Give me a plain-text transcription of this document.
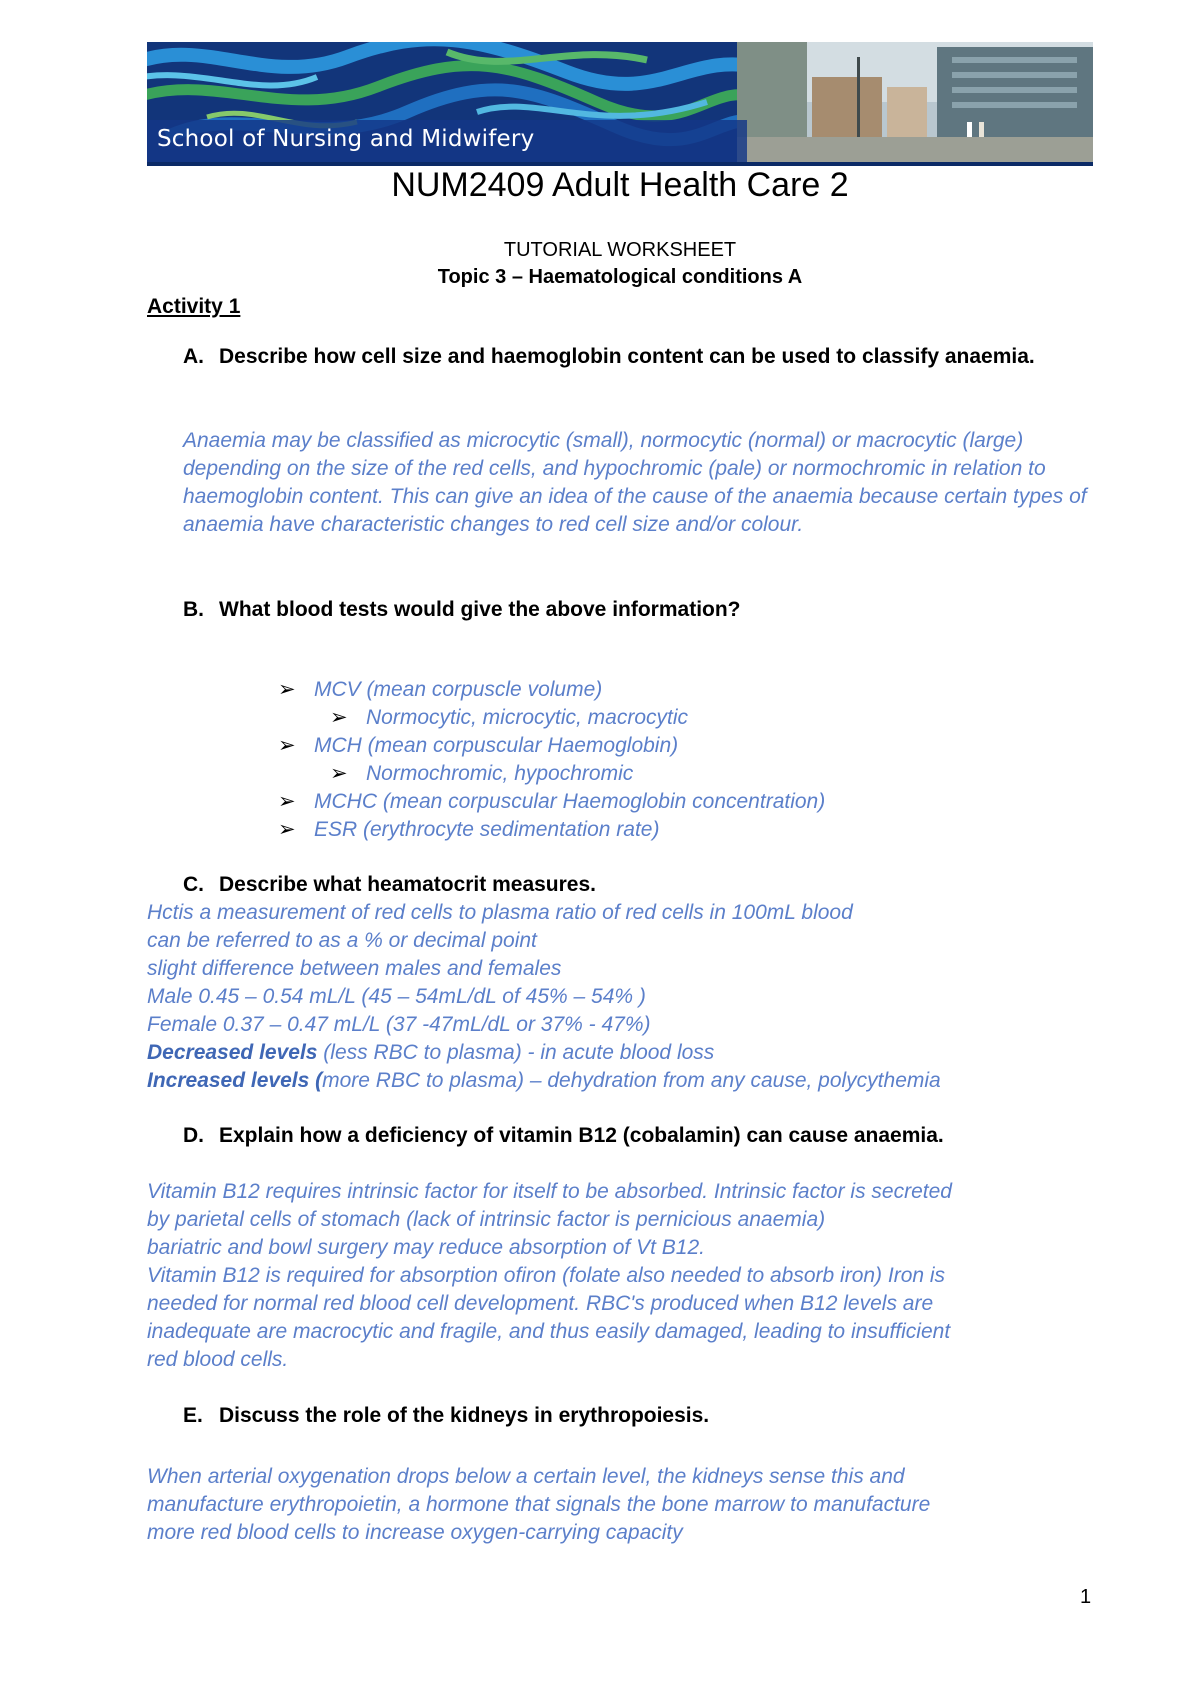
School of Nursing and Midwifery
NUM2409 Adult Health Care 2
TUTORIAL WORKSHEET
Topic 3 – Haematological conditions A
Activity 1
A. Describe how cell size and haemoglobin content can be used to classify anaemia.
Anaemia may be classified as microcytic (small), normocytic (normal) or macrocytic (large) depending on the size of the red cells, and hypochromic (pale) or normochromic in relation to haemoglobin content. This can give an idea of the cause of the anaemia because certain types of anaemia have characteristic changes to red cell size and/or colour.
B. What blood tests would give the above information?
➢ MCV (mean corpuscle volume)
➢ Normocytic, microcytic, macrocytic
➢ MCH (mean corpuscular Haemoglobin)
➢ Normochromic, hypochromic
➢ MCHC (mean corpuscular Haemoglobin concentration)
➢ ESR (erythrocyte sedimentation rate)
C. Describe what heamatocrit measures.
Hctis a measurement of red cells to plasma ratio of red cells in 100mL blood
can be referred to as a % or decimal point
slight difference between males and females
Male 0.45 – 0.54 mL/L (45 – 54mL/dL of 45% – 54% )
Female 0.37 – 0.47 mL/L (37 -47mL/dL or 37% - 47%)
Decreased levels (less RBC to plasma) - in acute blood loss
Increased levels (more RBC to plasma) – dehydration from any cause, polycythemia
D. Explain how a deficiency of vitamin B12 (cobalamin) can cause anaemia.
Vitamin B12 requires intrinsic factor for itself to be absorbed. Intrinsic factor is secreted
by parietal cells of stomach (lack of intrinsic factor is pernicious anaemia)
bariatric and bowl surgery may reduce absorption of Vt B12.
Vitamin B12 is required for absorption ofiron (folate also needed to absorb iron) Iron is
needed for normal red blood cell development. RBC's produced when B12 levels are
inadequate are macrocytic and fragile, and thus easily damaged, leading to insufficient
red blood cells.
E. Discuss the role of the kidneys in erythropoiesis.
When arterial oxygenation drops below a certain level, the kidneys sense this and
manufacture erythropoietin, a hormone that signals the bone marrow to manufacture
more red blood cells to increase oxygen-carrying capacity
1
